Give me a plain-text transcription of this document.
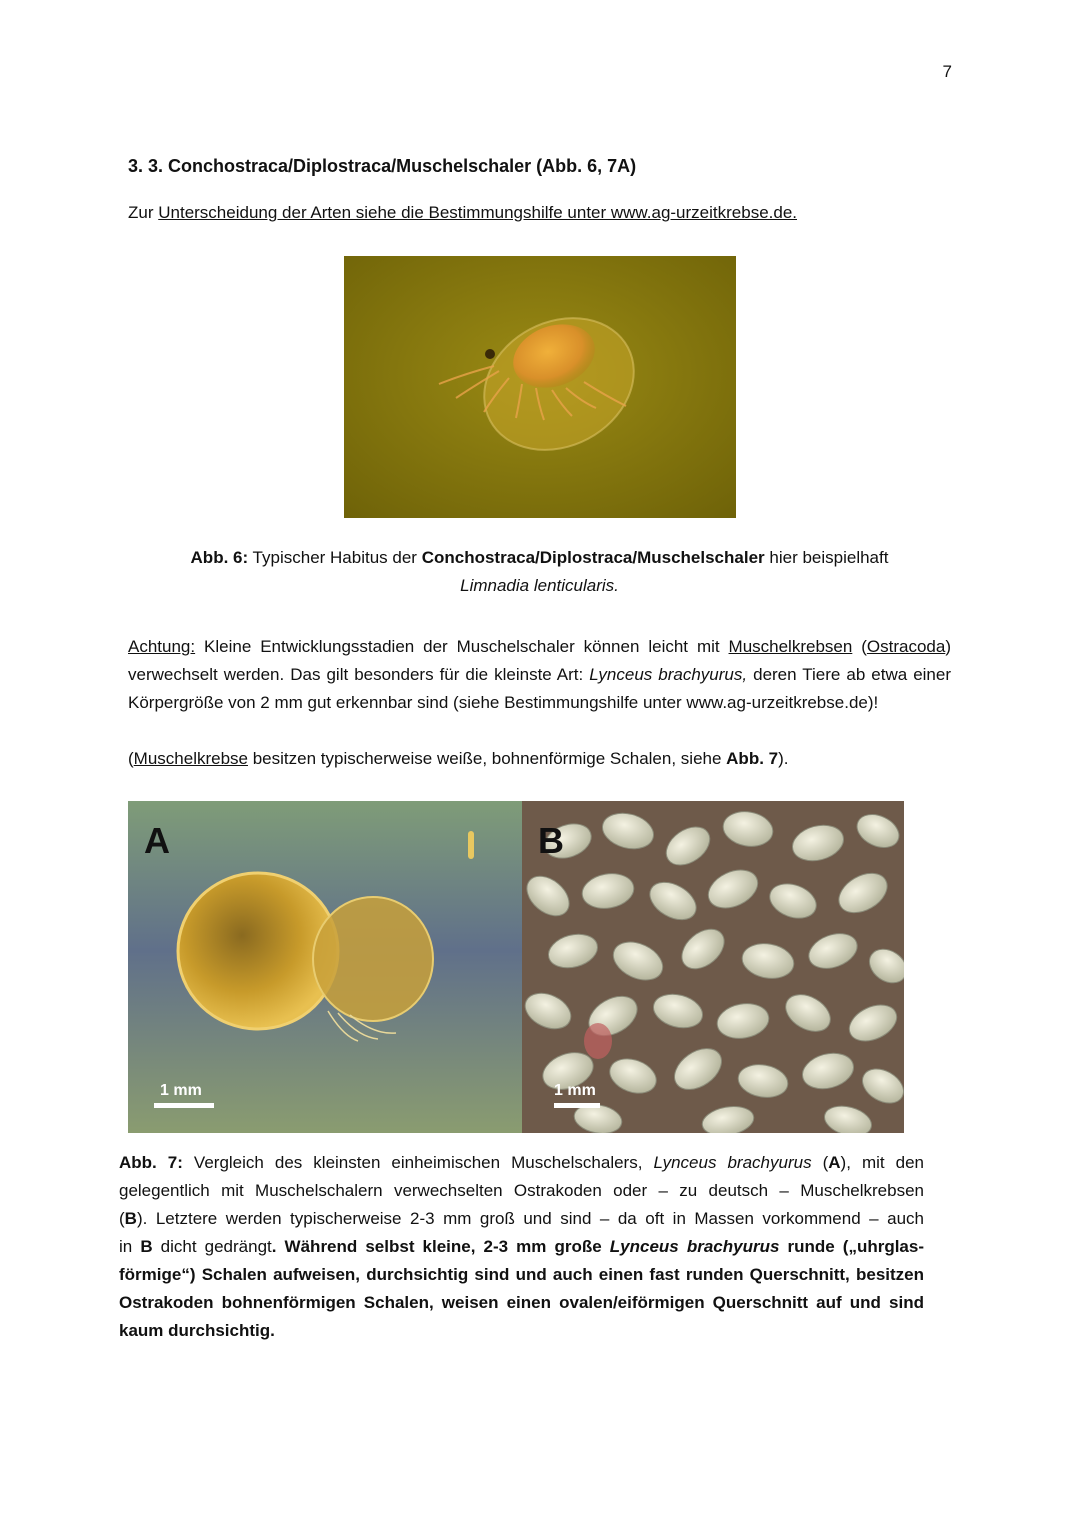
7
3. 3. Conchostraca/Diplostraca/Muschelschaler (Abb. 6, 7A)
Zur Unterscheidung der Arten siehe die Bestimmungshilfe unter www.ag-urzeitkrebse.de.
Abb. 6: Typischer Habitus der Conchostraca/Diplostraca/Muschelschaler hier beispielhaft
Limnadia lenticularis.
Achtung: Kleine Entwicklungsstadien der Muschelschaler können leicht mit Muschelkrebsen (Ostracoda) verwechselt werden. Das gilt besonders für die kleinste Art: Lynceus brachyurus, deren Tiere ab etwa einer Körpergröße von 2 mm gut erkennbar sind (siehe Bestimmungshilfe unter www.ag-urzeitkrebse.de)!
(Muschelkrebse besitzen typischerweise weiße, bohnenförmige Schalen, siehe Abb. 7).
A
1 mm
B
1 mm
Abb. 7: Vergleich des kleinsten einheimischen Muschelschalers, Lynceus brachyurus (A), mit den
gelegentlich mit Muschelschalern verwechselten Ostrakoden oder – zu deutsch – Muschelkrebsen
(B). Letztere werden typischerweise 2-3 mm groß und sind – da oft in Massen vorkommend – auch
in B dicht gedrängt. Während selbst kleine, 2-3 mm große Lynceus brachyurus runde („uhrglas-
förmige“) Schalen aufweisen, durchsichtig sind und auch einen fast runden Querschnitt, besitzen
Ostrakoden bohnenförmigen Schalen, weisen einen ovalen/eiförmigen Querschnitt auf und sind
kaum durchsichtig.
